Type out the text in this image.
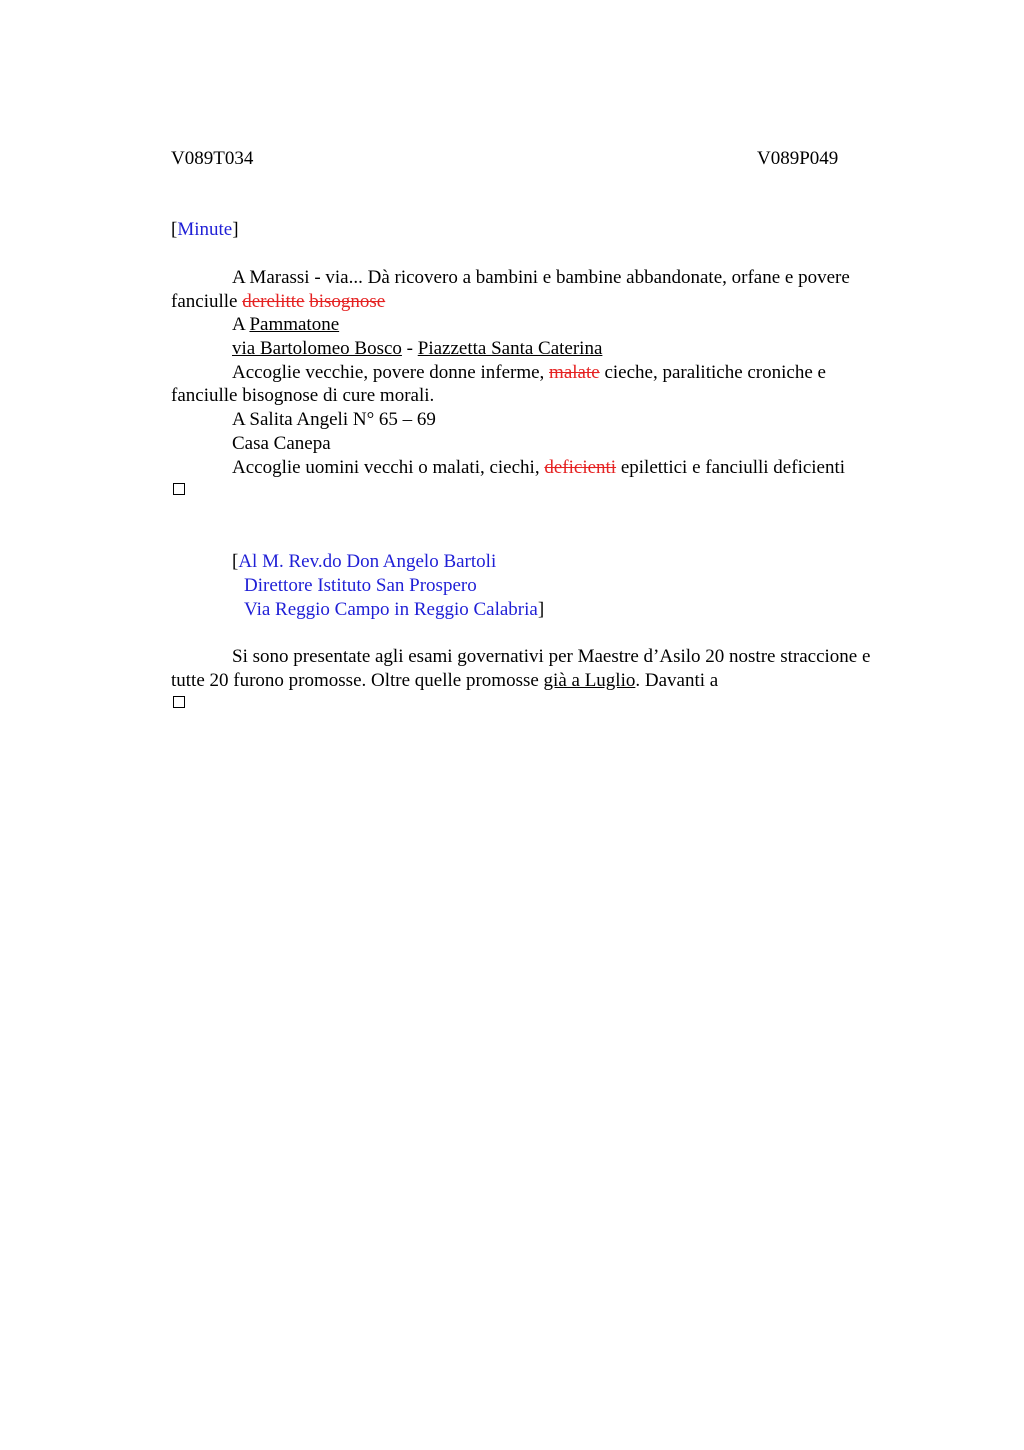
V089T034	V089P049
[Minute]
A Marassi - via... Dà ricovero a bambini e bambine abbandonate, orfane e povere
fanciulle derelitte bisognose
A Pammatone
via Bartolomeo Bosco - Piazzetta Santa Caterina
Accoglie vecchie, povere donne inferme, malate cieche, paralitiche croniche e
fanciulle bisognose di cure morali.
A Salita Angeli N° 65 – 69
Casa Canepa
Accoglie uomini vecchi o malati, ciechi, deficienti epilettici e fanciulli deficienti
[Al M. Rev.do Don Angelo Bartoli
Direttore Istituto San Prospero
Via Reggio Campo in Reggio Calabria]
Si sono presentate agli esami governativi per Maestre d’Asilo 20 nostre straccione e
tutte 20 furono promosse. Oltre quelle promosse già a Luglio. Davanti a
